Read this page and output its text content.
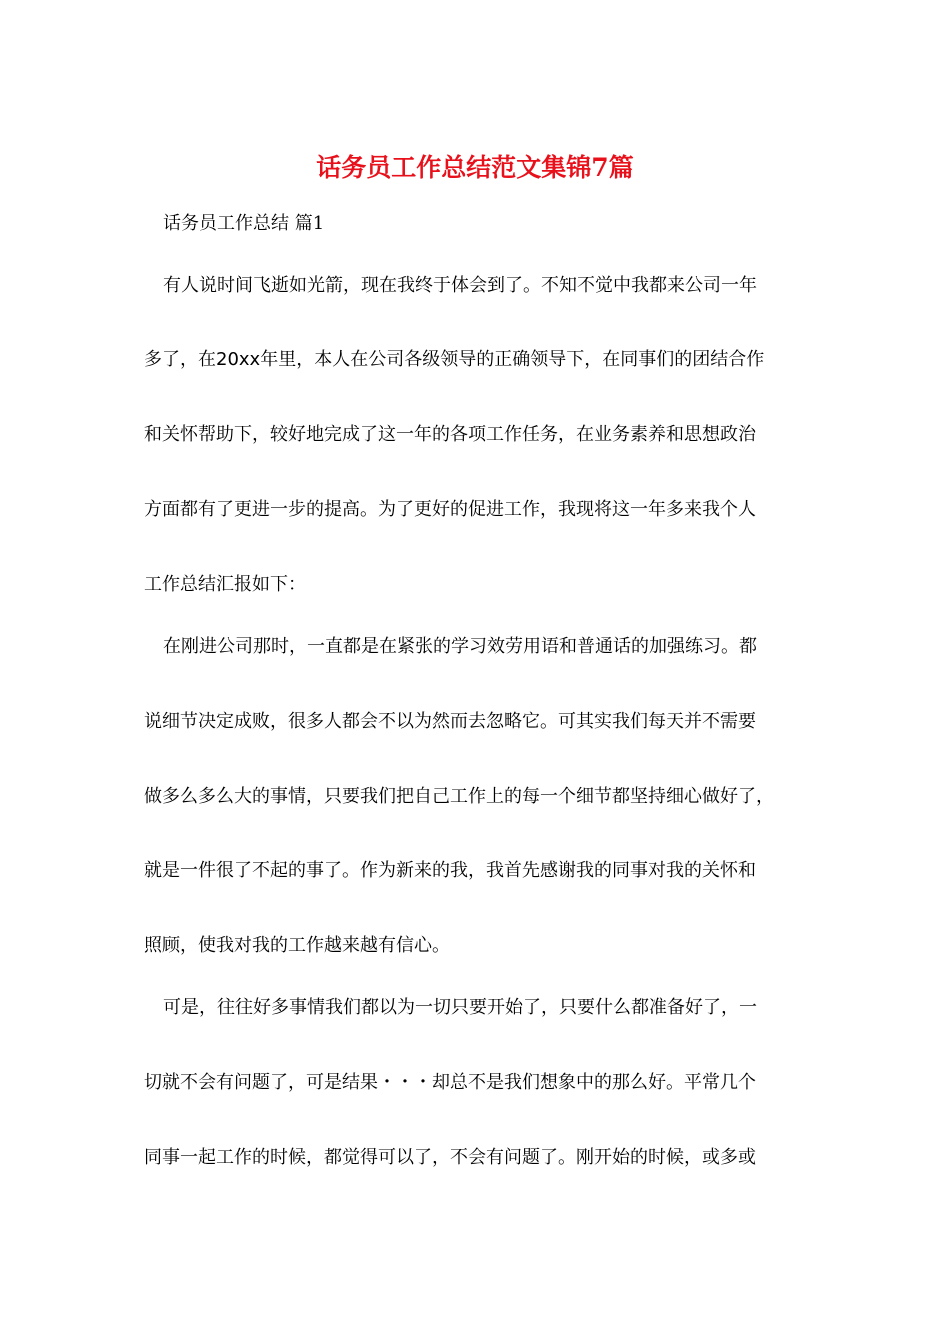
话务员工作总结范文集锦7篇
话务员工作总结 篇1

有人说时间飞逝如光箭，现在我终于体会到了。不知不觉中我都来公司一年

多了，在20xx年里，本人在公司各级领导的正确领导下，在同事们的团结合作

和关怀帮助下，较好地完成了这一年的各项工作任务，在业务素养和思想政治

方面都有了更进一步的提高。为了更好的促进工作，我现将这一年多来我个人

工作总结汇报如下：

在刚进公司那时，一直都是在紧张的学习效劳用语和普通话的加强练习。都

说细节决定成败，很多人都会不以为然而去忽略它。可其实我们每天并不需要

做多么多么大的事情，只要我们把自己工作上的每一个细节都坚持细心做好了，

就是一件很了不起的事了。作为新来的我，我首先感谢我的同事对我的关怀和

照顾，使我对我的工作越来越有信心。

可是，往往好多事情我们都以为一切只要开始了，只要什么都准备好了，一

切就不会有问题了，可是结果・・・却总不是我们想象中的那么好。平常几个

同事一起工作的时候，都觉得可以了，不会有问题了。刚开始的时候，或多或
